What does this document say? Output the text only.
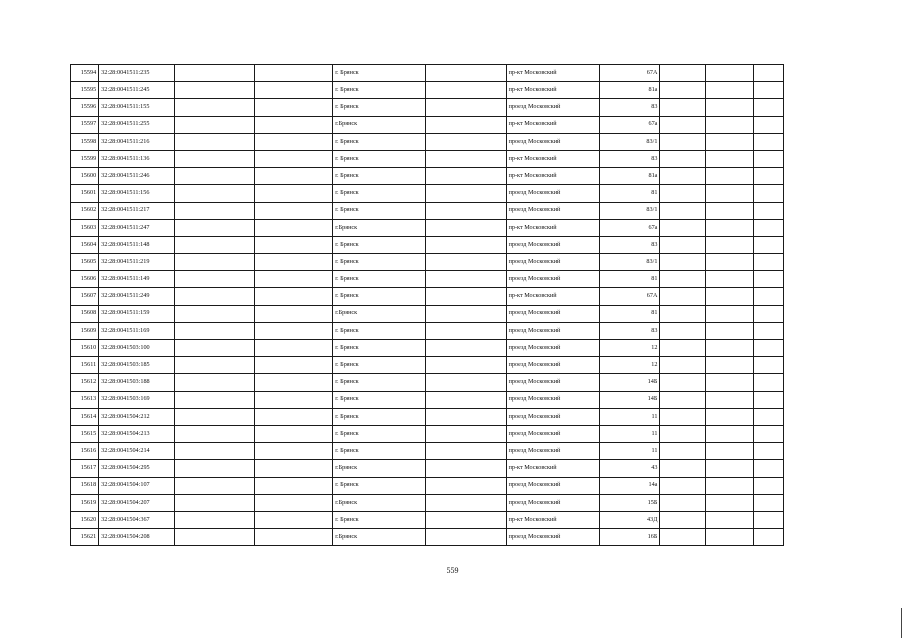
15594	32:28:0041511:235			г. Брянск		пр-кт Московский	67А			
15595	32:28:0041511:245			г. Брянск		пр-кт Московский	81а			
15596	32:28:0041511:155			г. Брянск		проезд Московский	83			
15597	32:28:0041511:255			г.Брянск		пр-кт Московский	67а			
15598	32:28:0041511:216			г. Брянск		проезд Московский	83/1			
15599	32:28:0041511:136			г. Брянск		пр-кт Московский	83			
15600	32:28:0041511:246			г. Брянск		пр-кт Московский	81а			
15601	32:28:0041511:156			г. Брянск		проезд Московский	81			
15602	32:28:0041511:217			г. Брянск		проезд Московский	83/1			
15603	32:28:0041511:247			г.Брянск		пр-кт Московский	67а			
15604	32:28:0041511:148			г. Брянск		проезд Московский	83			
15605	32:28:0041511:219			г. Брянск		проезд Московский	83/1			
15606	32:28:0041511:149			г. Брянск		проезд Московский	81			
15607	32:28:0041511:249			г. Брянск		пр-кт Московский	67А			
15608	32:28:0041511:159			г.Брянск		проезд Московский	81			
15609	32:28:0041511:169			г. Брянск		проезд Московский	83			
15610	32:28:0041503:100			г. Брянск		проезд Московский	12			
15611	32:28:0041503:185			г. Брянск		проезд Московский	12			
15612	32:28:0041503:188			г. Брянск		проезд Московский	14Б			
15613	32:28:0041503:169			г. Брянск		проезд Московский	14Б			
15614	32:28:0041504:212			г. Брянск		проезд Московский	11			
15615	32:28:0041504:213			г. Брянск		проезд Московский	11			
15616	32:28:0041504:214			г. Брянск		проезд Московский	11			
15617	32:28:0041504:295			г.Брянск		пр-кт Московский	43			
15618	32:28:0041504:107			г. Брянск		проезд Московский	14а			
15619	32:28:0041504:207			г.Брянск		проезд Московский	15Б			
15620	32:28:0041504:367			г. Брянск		пр-кт Московский	43Д			
15621	32:28:0041504:208			г.Брянск		проезд Московский	16Б			
559
